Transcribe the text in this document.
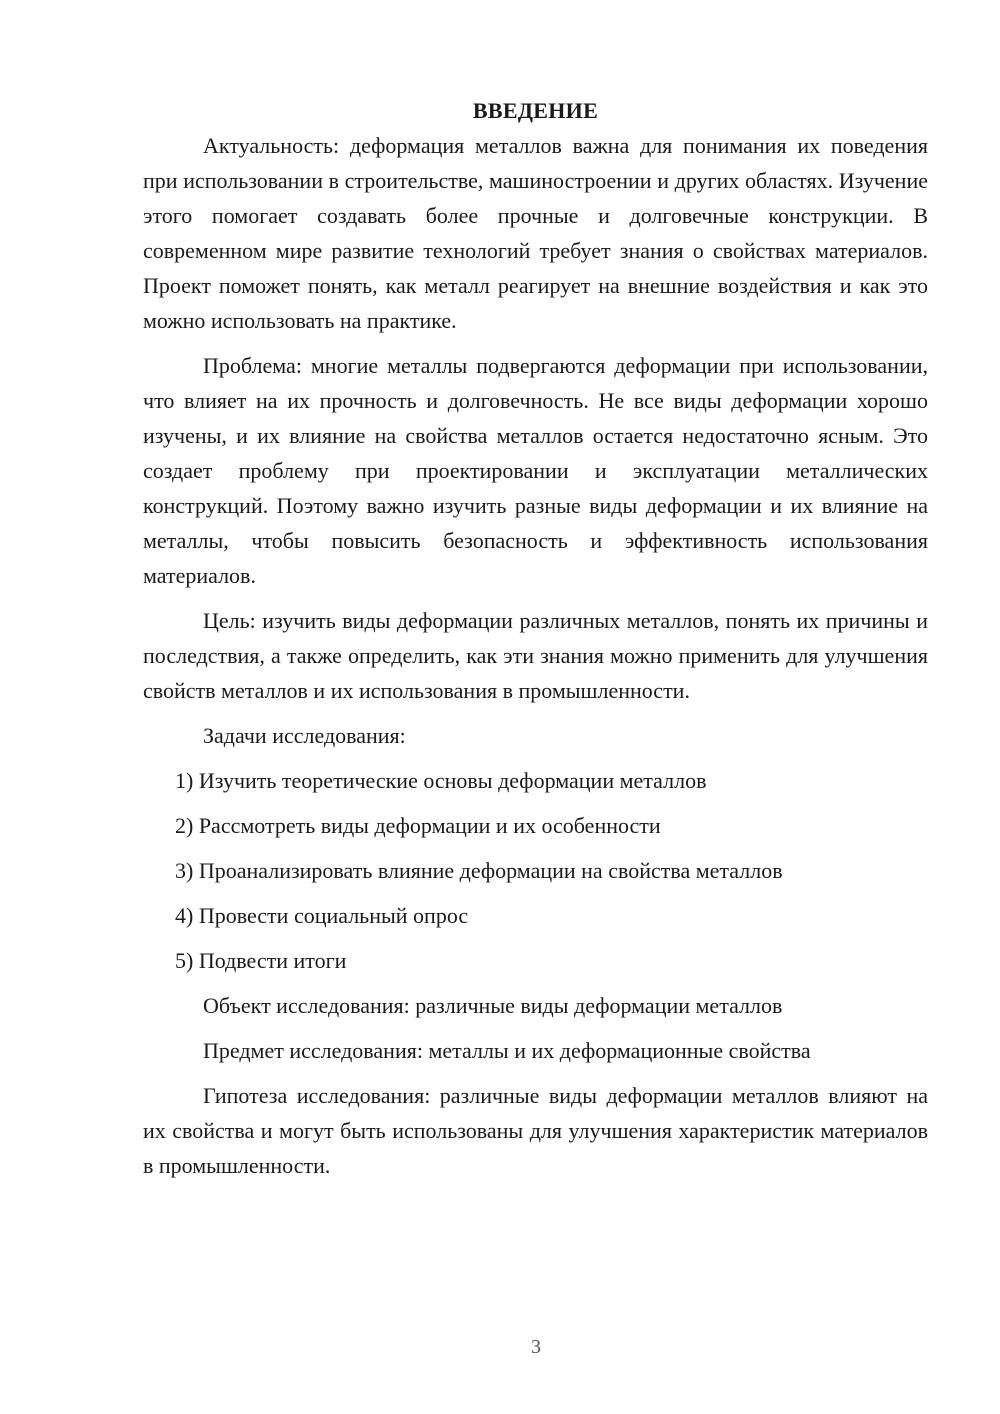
ВВЕДЕНИЕ

Актуальность: деформация металлов важна для понимания их поведения при использовании в строительстве, машиностроении и других областях. Изучение этого помогает создавать более прочные и долговечные конструкции. В современном мире развитие технологий требует знания о свойствах материалов. Проект поможет понять, как металл реагирует на внешние воздействия и как это можно использовать на практике.

Проблема: многие металлы подвергаются деформации при использовании, что влияет на их прочность и долговечность. Не все виды деформации хорошо изучены, и их влияние на свойства металлов остается недостаточно ясным. Это создает проблему при проектировании и эксплуатации металлических конструкций. Поэтому важно изучить разные виды деформации и их влияние на металлы, чтобы повысить безопасность и эффективность использования материалов.

Цель: изучить виды деформации различных металлов, понять их причины и последствия, а также определить, как эти знания можно применить для улучшения свойств металлов и их использования в промышленности.

Задачи исследования:

1) Изучить теоретические основы деформации металлов

2) Рассмотреть виды деформации и их особенности

3) Проанализировать влияние деформации на свойства металлов

4) Провести социальный опрос

5) Подвести итоги

Объект исследования: различные виды деформации металлов

Предмет исследования: металлы и их деформационные свойства

Гипотеза исследования: различные виды деформации металлов влияют на их свойства и могут быть использованы для улучшения характеристик материалов в промышленности.

3
